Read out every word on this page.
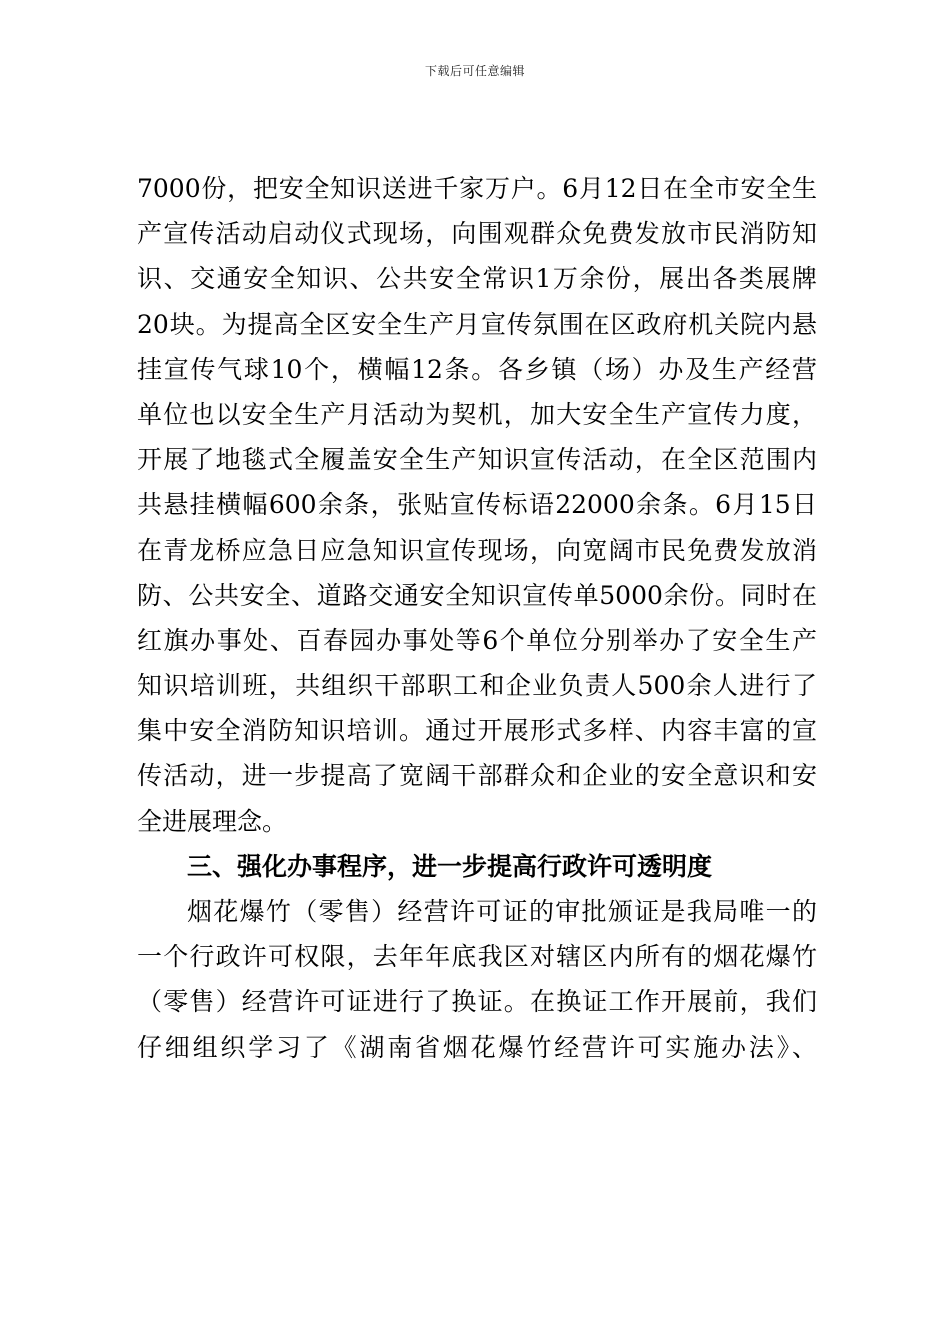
下载后可任意编辑
7000份，把安全知识送进千家万户。6月12日在全市安全生
产宣传活动启动仪式现场，向围观群众免费发放市民消防知
识、交通安全知识、公共安全常识1万余份，展出各类展牌
20块。为提高全区安全生产月宣传氛围在区政府机关院内悬
挂宣传气球10个，横幅12条。各乡镇（场）办及生产经营
单位也以安全生产月活动为契机，加大安全生产宣传力度，
开展了地毯式全履盖安全生产知识宣传活动，在全区范围内
共悬挂横幅600余条，张贴宣传标语22000余条。6月15日
在青龙桥应急日应急知识宣传现场，向宽阔市民免费发放消
防、公共安全、道路交通安全知识宣传单5000余份。同时在
红旗办事处、百春园办事处等6个单位分别举办了安全生产
知识培训班，共组织干部职工和企业负责人500余人进行了
集中安全消防知识培训。通过开展形式多样、内容丰富的宣
传活动，进一步提高了宽阔干部群众和企业的安全意识和安
全进展理念。
三、强化办事程序，进一步提高行政许可透明度
烟花爆竹（零售）经营许可证的审批颁证是我局唯一的
一个行政许可权限，去年年底我区对辖区内所有的烟花爆竹
（零售）经营许可证进行了换证。在换证工作开展前，我们
仔细组织学习了《湖南省烟花爆竹经营许可实施办法》、
